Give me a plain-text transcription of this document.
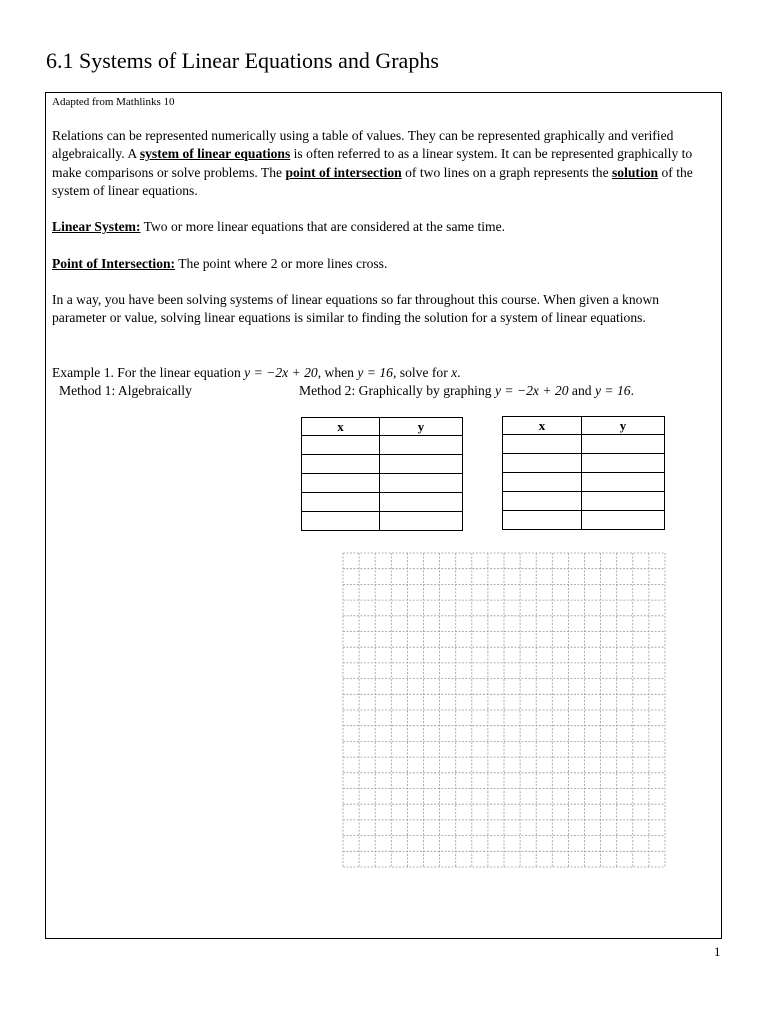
6.1 Systems of Linear Equations and Graphs
Adapted from Mathlinks 10

Relations can be represented numerically using a table of values. They can be represented graphically and verified algebraically. A system of linear equations is often referred to as a linear system. It can be represented graphically to make comparisons or solve problems. The point of intersection of two lines on a graph represents the solution of the system of linear equations.

Linear System: Two or more linear equations that are considered at the same time.

Point of Intersection: The point where 2 or more lines cross.

In a way, you have been solving systems of linear equations so far throughout this course. When given a known parameter or value, solving linear equations is similar to finding the solution for a system of linear equations.

Example 1. For the linear equation y = −2x + 20, when y = 16, solve for x.

Method 1: Algebraically	Method 2: Graphically by graphing y = −2x + 20 and y = 16.
x	y

		x	y

1
